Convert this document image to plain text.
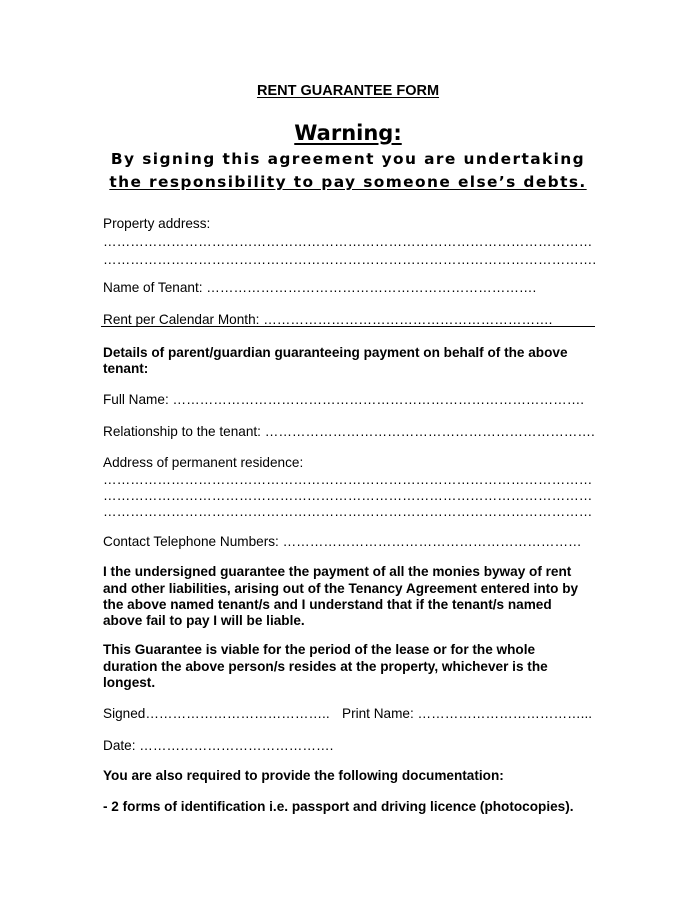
RENT GUARANTEE FORM
Warning:
By signing this agreement you are undertaking
the responsibility to pay someone else’s debts.
Property address:
………………………………………………………………………………………………
……………………………………………………………………………………………….
Name of Tenant: ……………………………………………………………….
Rent per Calendar Month: ……………………………………………………….
Details of parent/guardian guaranteeing payment on behalf of the above
tenant:
Full Name: ……………………………………………………………………………….
Relationship to the tenant: ……………………………………………………………….
Address of permanent residence:
………………………………………………………………………………………………
………………………………………………………………………………………………
………………………………………………………………………………………………
Contact Telephone Numbers: …………………………………………………………
I the undersigned guarantee the payment of all the monies byway of rent
and other liabilities, arising out of the Tenancy Agreement entered into by
the above named tenant/s and I understand that if the tenant/s named
above fail to pay I will be liable.
This Guarantee is viable for the period of the lease or for the whole
duration the above person/s resides at the property, whichever is the
longest.
Signed………………………………….. Print Name: ………………………………...
Date: …………………………………….
You are also required to provide the following documentation:
- 2 forms of identification i.e. passport and driving licence (photocopies).
